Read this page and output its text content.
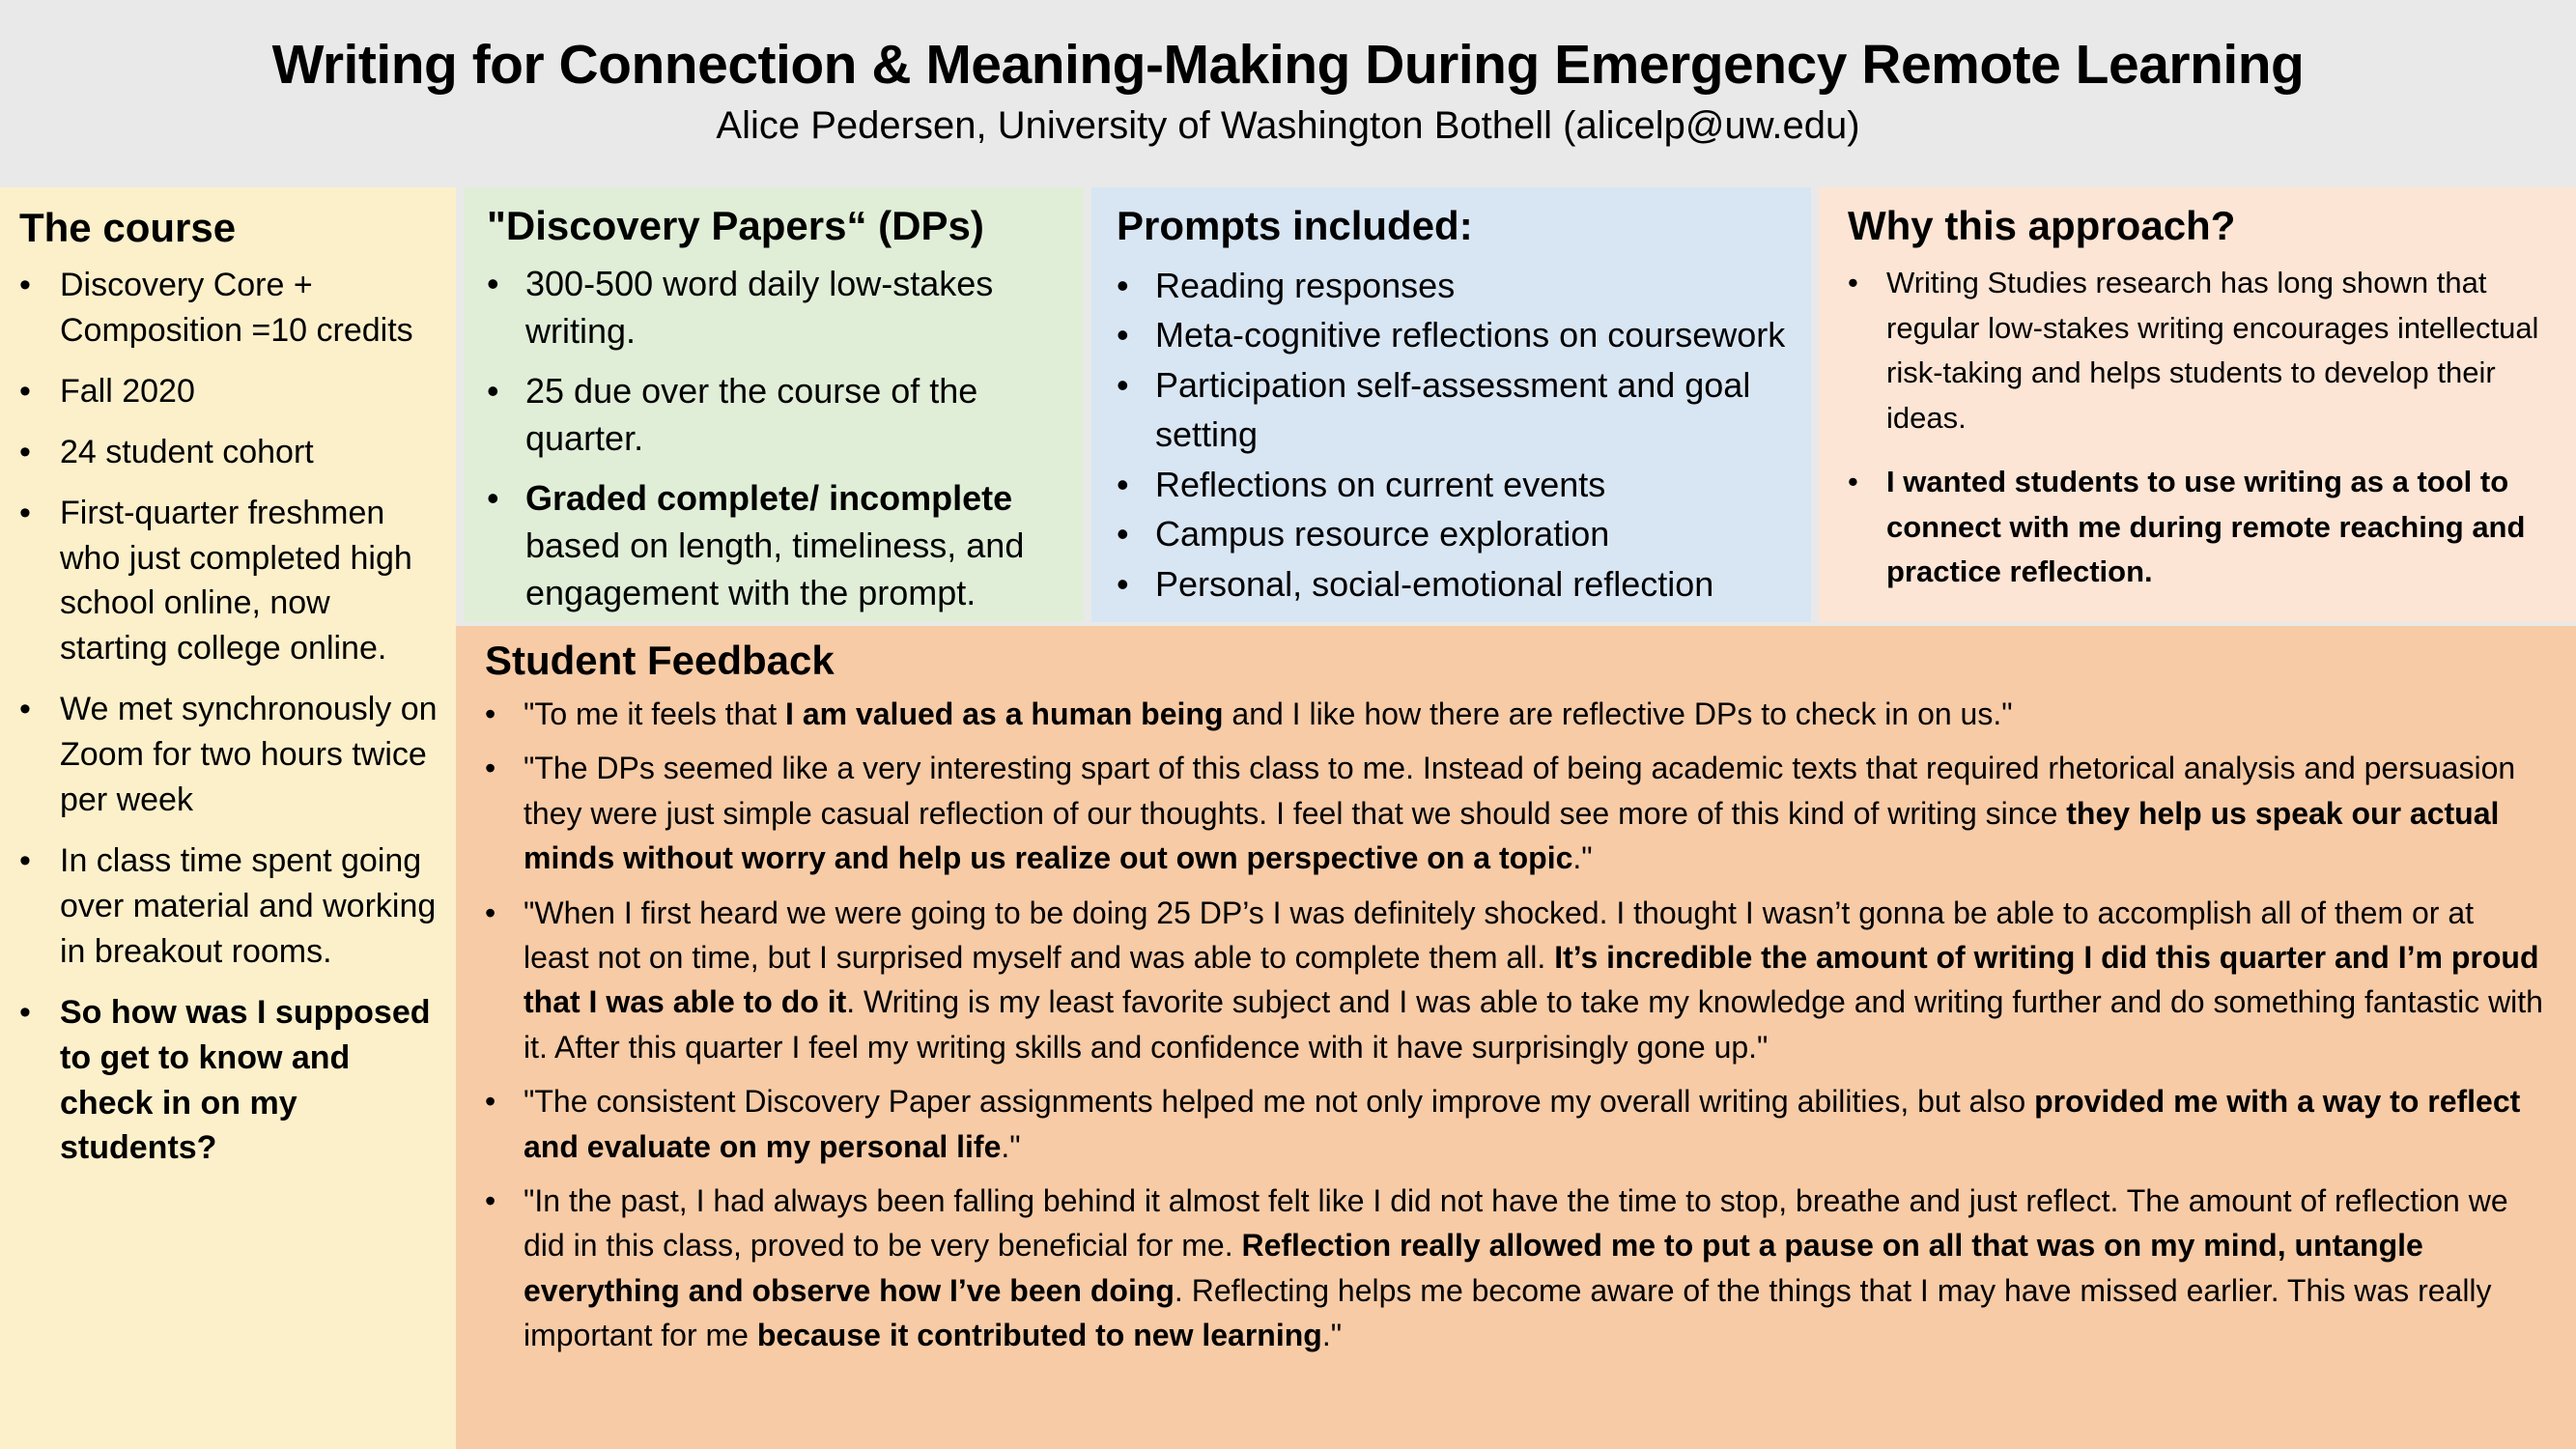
Writing for Connection & Meaning-Making During Emergency Remote Learning
Alice Pedersen, University of Washington Bothell (alicelp@uw.edu)
The course
• Discovery Core + Composition =10 credits
• Fall 2020
• 24 student cohort
• First-quarter freshmen who just completed high school online, now starting college online.
• We met synchronously on Zoom for two hours twice per week
• In class time spent going over material and working in breakout rooms.
• So how was I supposed to get to know and check in on my students?
"Discovery Papers“ (DPs)
• 300-500 word daily low-stakes writing.
• 25 due over the course of the quarter.
• Graded complete/ incomplete based on length, timeliness, and engagement with the prompt.
Prompts included:
• Reading responses
• Meta-cognitive reflections on coursework
• Participation self-assessment and goal setting
• Reflections on current events
• Campus resource exploration
• Personal, social-emotional reflection
Why this approach?
• Writing Studies research has long shown that regular low-stakes writing encourages intellectual risk-taking and helps students to develop their ideas.
• I wanted students to use writing as a tool to connect with me during remote reaching and practice reflection.
Student Feedback
• "To me it feels that I am valued as a human being and I like how there are reflective DPs to check in on us."
• "The DPs seemed like a very interesting spart of this class to me. Instead of being academic texts that required rhetorical analysis and persuasion they were just simple casual reflection of our thoughts. I feel that we should see more of this kind of writing since they help us speak our actual minds without worry and help us realize out own perspective on a topic."
• "When I first heard we were going to be doing 25 DP’s I was definitely shocked. I thought I wasn’t gonna be able to accomplish all of them or at least not on time, but I surprised myself and was able to complete them all. It’s incredible the amount of writing I did this quarter and I’m proud that I was able to do it. Writing is my least favorite subject and I was able to take my knowledge and writing further and do something fantastic with it. After this quarter I feel my writing skills and confidence with it have surprisingly gone up."
• "The consistent Discovery Paper assignments helped me not only improve my overall writing abilities, but also provided me with a way to reflect and evaluate on my personal life."
• "In the past, I had always been falling behind it almost felt like I did not have the time to stop, breathe and just reflect. The amount of reflection we did in this class, proved to be very beneficial for me. Reflection really allowed me to put a pause on all that was on my mind, untangle everything and observe how I’ve been doing. Reflecting helps me become aware of the things that I may have missed earlier. This was really important for me because it contributed to new learning."
